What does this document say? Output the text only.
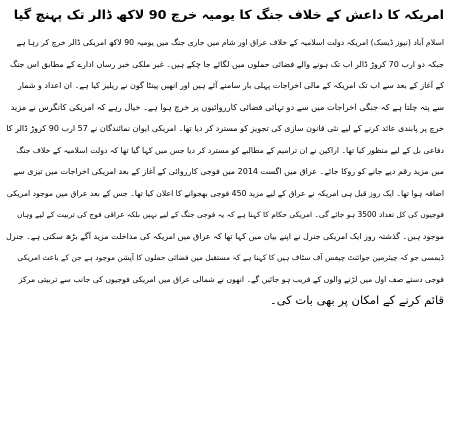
امریکہ کا داعش کے خلاف جنگ کا یومیہ خرچ 90 لاکھ ڈالر تک پہنچ گیا
اسلام آباد (نیوز ڈیسک) امریکہ دولت اسلامیہ کے خلاف عراق اور شام میں جاری جنگ میں یومیہ 90 لاکھ امریکی ڈالر خرچ کر رہا ہے
جبکہ دو ارب 70 کروڑ ڈالر اب تک ہونے والے فضائی حملوں میں لگائے جا چکے ہیں۔ غیر ملکی خبر رساں ادارے کے مطابق اس جنگ
کے آغاز کے بعد سے اب تک امریکہ کے مالی اخراجات پہلی بار سامنے آئے ہیں اور انھیں پینٹا گون نے ریلیز کیا ہے۔ ان اعداد و شمار
سے پتہ چلتا ہے کہ جنگی اخراجات میں سے دو تہائی فضائی کارروائیوں پر خرچ ہوا ہے۔ خیال رہے کہ امریکی کانگرس نے مزید
خرچ پر پابندی عائد کرنے کے لیے نئی قانون سازی کی تجویز کو مسترد کر دیا تھا۔ امریکی ایوان نمائندگان نے 57 ارب 90 کروڑ ڈالر کا
دفاعی بل کے لیے منظور کیا تھا۔ اراکین نے ان ترامیم کے مطالبے کو مسترد کر دیا جس میں کہا گیا تھا کہ دولت اسلامیہ کے خلاف جنگ
میں مزید رقم دیے جانے کو روکا جائے۔ عراق میں اگست 2014 میں فوجی کارروائی کے آغاز کے بعد امریکی اخراجات میں تیزی سے
اضافہ ہوا تھا۔ ایک روز قبل ہی امریکہ نے عراق کے لیے مزید 450 فوجی بھجوانے کا اعلان کیا تھا۔ جس کے بعد عراق میں موجود امریکی
فوجیوں کی کل تعداد 3500 ہو جائے گی۔ امریکی حکام کا کہنا ہے کہ یہ فوجی جنگ کے لیے نہیں بلکہ عراقی فوج کی تربیت کے لیے وہاں
موجود ہیں۔ گذشتہ روز ایک امریکی جنرل نے اپنے بیان میں کہا تھا کہ عراق میں امریکہ کی مداخلت مزید آگے بڑھ سکتی ہے۔ جنرل
ڈیمسی جو کہ چیئرمین جوائنٹ چیفس آف سٹاف ہیں کا کہنا ہے کہ مستقبل میں فضائی حملوں کا آپشن موجود ہے جن کے باعث امریکی
فوجی دستے صف اول میں لڑنے والوں کے قریب ہو جائیں گے۔ انھوں نے شمالی عراق میں امریکی فوجیوں کی جانب سے تربیتی مرکز
قائم کرنے کے امکان پر بھی بات کی۔
